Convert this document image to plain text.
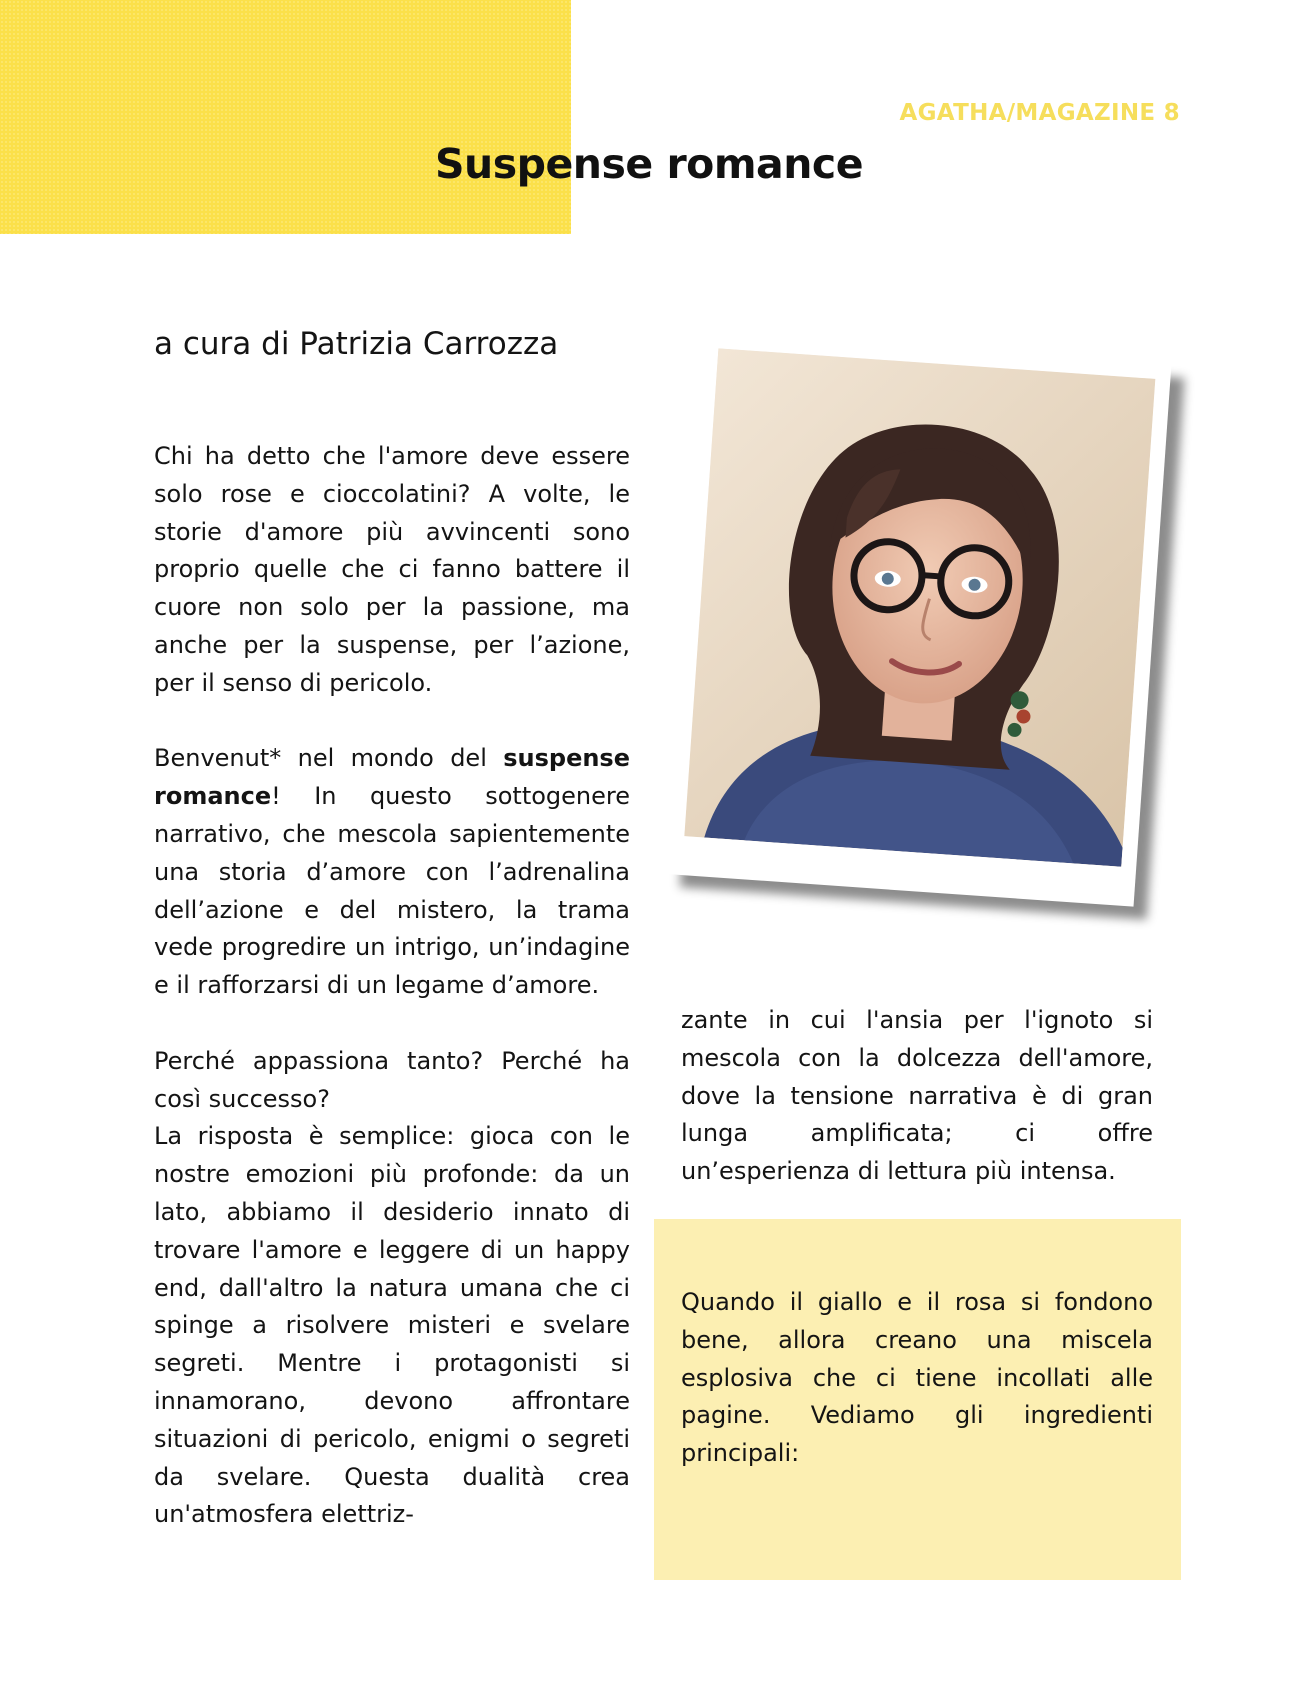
AGATHA/MAGAZINE 8
Suspense romance
a cura di Patrizia Carrozza

Chi ha detto che l'amore deve essere solo rose e cioccolatini? A volte, le storie d'amore più avvincenti sono proprio quelle che ci fanno battere il cuore non solo per la passione, ma anche per la suspense, per l’azione, per il senso di pericolo.

Benvenut* nel mondo del suspense romance! In questo sottogenere narrativo, che mescola sapientemente una storia d’amore con l’adrenalina dell’azione e del mistero, la trama vede progredire un intrigo, un’indagine e il rafforzarsi di un legame d’amore.

Perché appassiona tanto? Perché ha così successo?

La risposta è semplice: gioca con le nostre emozioni più profonde: da un lato, abbiamo il desiderio innato di trovare l'amore e leggere di un happy end, dall'altro la natura umana che ci spinge a risolvere misteri e svelare segreti. Mentre i protagonisti si innamorano, devono affrontare situazioni di pericolo, enigmi o segreti da svelare. Questa dualità crea un'atmosfera elettriz-

zante in cui l'ansia per l'ignoto si mescola con la dolcezza dell'amore, dove la tensione narrativa è di gran lunga amplificata; ci offre un’esperienza di lettura più intensa.

Quando il giallo e il rosa si fondono bene, allora creano una miscela esplosiva che ci tiene incollati alle pagine. Vediamo gli ingredienti principali:
